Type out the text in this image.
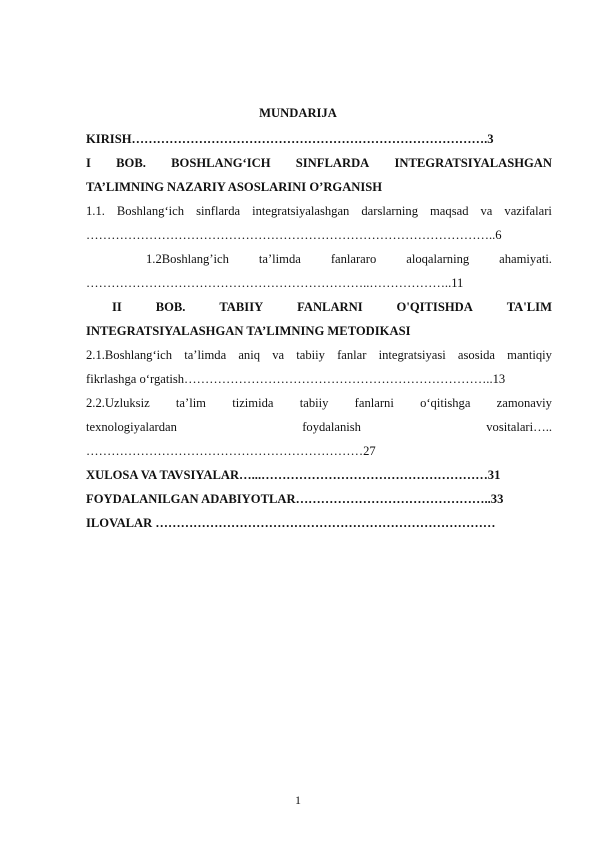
MUNDARIJA
KIRISH………………………………………………………………………….3
I BOB. BOSHLANG‘ICH SINFLARDA INTEGRATSIYALASHGAN
TA’LIMNING NAZARIY ASOSLARINI O’RGANISH
1.1. Boshlang‘ich sinflarda integratsiyalashgan darslarning maqsad va vazifalari
……………………………………………………………………………………..6
1.2Boshlang’ich ta’limda fanlararo aloqalarning ahamiyati.
…………………………………………………………..………………..11
II	BOB.	TABIIY	FANLARNI	O'QITISHDA	TA'LIM
INTEGRATSIYALASHGAN TA’LIMNING METODIKASI
2.1.Boshlang‘ich ta’limda aniq va tabiiy fanlar integratsiyasi asosida mantiqiy
fikrlashga o‘rgatish………………………………………………………………..13
2.2.Uzluksiz ta’lim tizimida tabiiy fanlarni o‘qitishga zamonaviy
texnologiyalardan	foydalanish	vositalari…..
…………………………………………………………27
XULOSA VA TAVSIYALAR…...………………………………………………31
FOYDALANILGAN ADABIYOTLAR………………………………………..33
ILOVALAR ………………………………………………………………………
1
